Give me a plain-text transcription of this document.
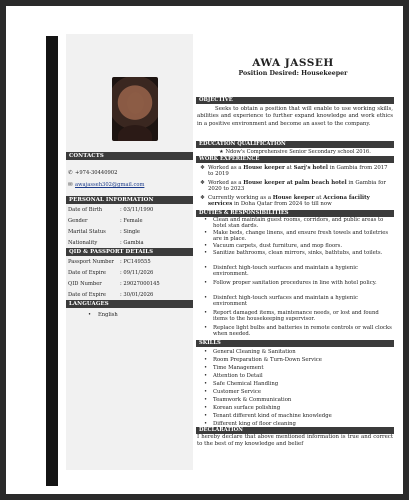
AWA JASSEH
Position Desired: Housekeeper
OBJECTIVE
Seeks to obtain a position that will enable to use working skills, abilities and experience to further expand knowledge and work ethics in a positive environment and become an asset to the company.
EDUCATION QUALIFICATION
★ Ndow's Comprehensive Senior Secondary school 2016.
WORK EXPERIENCE
❖ Worked as a House keeper at Sarj's hotel in Gambia from 2017 to 2019
❖ Worked as a House keeper at palm beach hotel in Gambia for 2020 to 2023
❖ Currently working as a House keeper at Acciona facility services in Doha Qatar from 2024 to till now
DUTIES & RESPONSIBILITIES
•	Clean and maintain guest rooms, corridors, and public areas to hotel stan dards.
•	Make beds, change linens, and ensure fresh towels and toiletries are in place.
•	Vacuum carpets, dust furniture, and mop floors.
•	Sanitize bathrooms, clean mirrors, sinks, bathtubs, and toilets.
•	Disinfect high-touch surfaces and maintain a hygienic environment.
•	Follow proper sanitation procedures in line with hotel policy.
•	Disinfect high-touch surfaces and maintain a hygienic environment
•	Report damaged items, maintenance needs, or lost and found items to the housekeeping supervisor.
•	Replace light bulbs and batteries in remote controls or wall clocks when needed.
SKILLS
•	General Cleaning & Sanitation
•	Room Preparation & Turn-Down Service
•	Time Management
•	Attention to Detail
•	Safe Chemical Handling
•	Customer Service
•	Teamwork & Communication
•	Korean surface polishing
•	Tenant different kind of machine knowledge
•	Different king of floor cleaning
DECLARATION
I hereby declare that above mentioned information is true and correct to the best of my knowledge and belief
CONTACTS
✆ +974-30440902
✉ awajasseh302@gmail.com
PERSONAL INFORMATION
Date of Birth	: 03/11/1990
Gender	: Female
Marital Status	: Single
Nationality	: Gambia
QID & PASSPORT DETAILS
Passport Number	: PC149555
Date of Expire	: 09/11/2026
QID Number	: 29027000145
Date of Expire	: 30/01/2026
LANGUAGES
•	English
